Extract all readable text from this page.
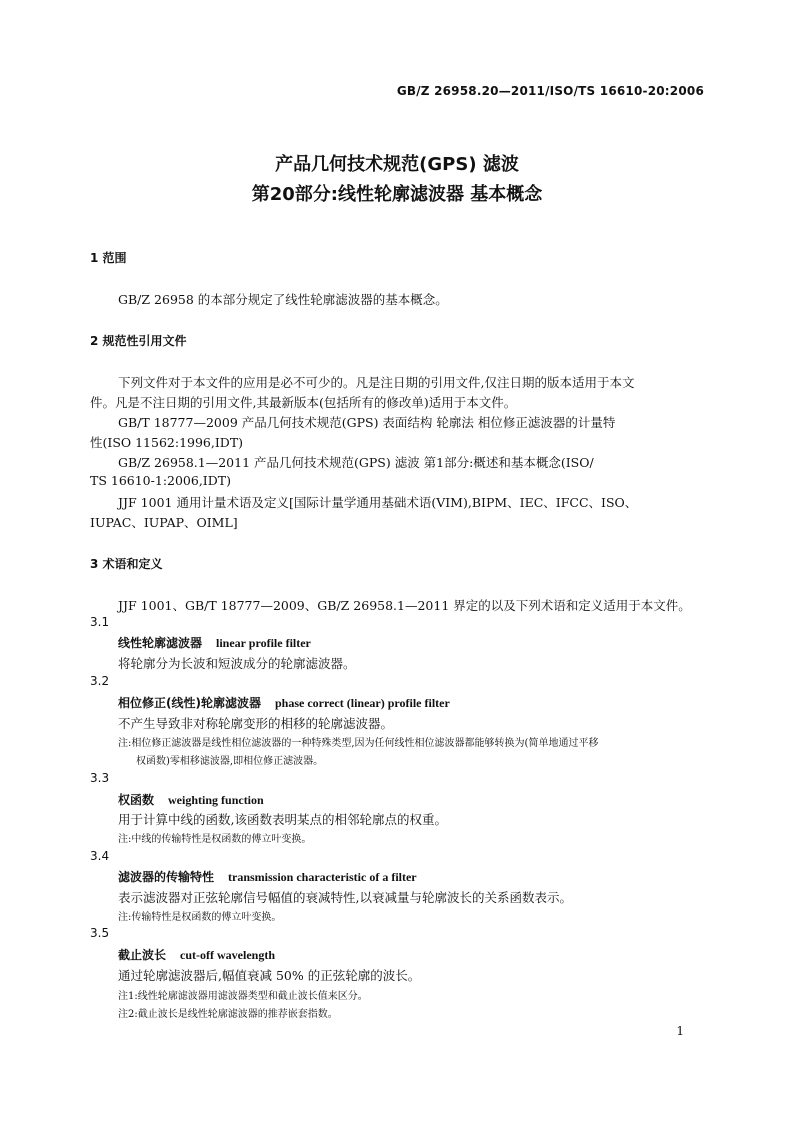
GB/Z 26958.20—2011/ISO/TS 16610-20:2006
产品几何技术规范(GPS) 滤波
第20部分:线性轮廓滤波器 基本概念
1 范围
GB/Z 26958 的本部分规定了线性轮廓滤波器的基本概念。
2 规范性引用文件
下列文件对于本文件的应用是必不可少的。凡是注日期的引用文件,仅注日期的版本适用于本文
件。凡是不注日期的引用文件,其最新版本(包括所有的修改单)适用于本文件。
GB/T 18777—2009 产品几何技术规范(GPS) 表面结构 轮廓法 相位修正滤波器的计量特
性(ISO 11562:1996,IDT)
GB/Z 26958.1—2011 产品几何技术规范(GPS) 滤波 第1部分:概述和基本概念(ISO/
TS 16610-1:2006,IDT)
JJF 1001 通用计量术语及定义[国际计量学通用基础术语(VIM),BIPM、IEC、IFCC、ISO、
IUPAC、IUPAP、OIML]
3 术语和定义
JJF 1001、GB/T 18777—2009、GB/Z 26958.1—2011 界定的以及下列术语和定义适用于本文件。
3.1
线性轮廓滤波器 linear profile filter
将轮廓分为长波和短波成分的轮廓滤波器。
3.2
相位修正(线性)轮廓滤波器 phase correct (linear) profile filter
不产生导致非对称轮廓变形的相移的轮廓滤波器。
注:相位修正滤波器是线性相位滤波器的一种特殊类型,因为任何线性相位滤波器都能够转换为(简单地通过平移
权函数)零相移滤波器,即相位修正滤波器。
3.3
权函数 weighting function
用于计算中线的函数,该函数表明某点的相邻轮廓点的权重。
注:中线的传输特性是权函数的傅立叶变换。
3.4
滤波器的传输特性 transmission characteristic of a filter
表示滤波器对正弦轮廓信号幅值的衰减特性,以衰减量与轮廓波长的关系函数表示。
注:传输特性是权函数的傅立叶变换。
3.5
截止波长 cut-off wavelength
通过轮廓滤波器后,幅值衰减 50% 的正弦轮廓的波长。
注1:线性轮廓滤波器用滤波器类型和截止波长值来区分。
注2:截止波长是线性轮廓滤波器的推荐嵌套指数。
1
